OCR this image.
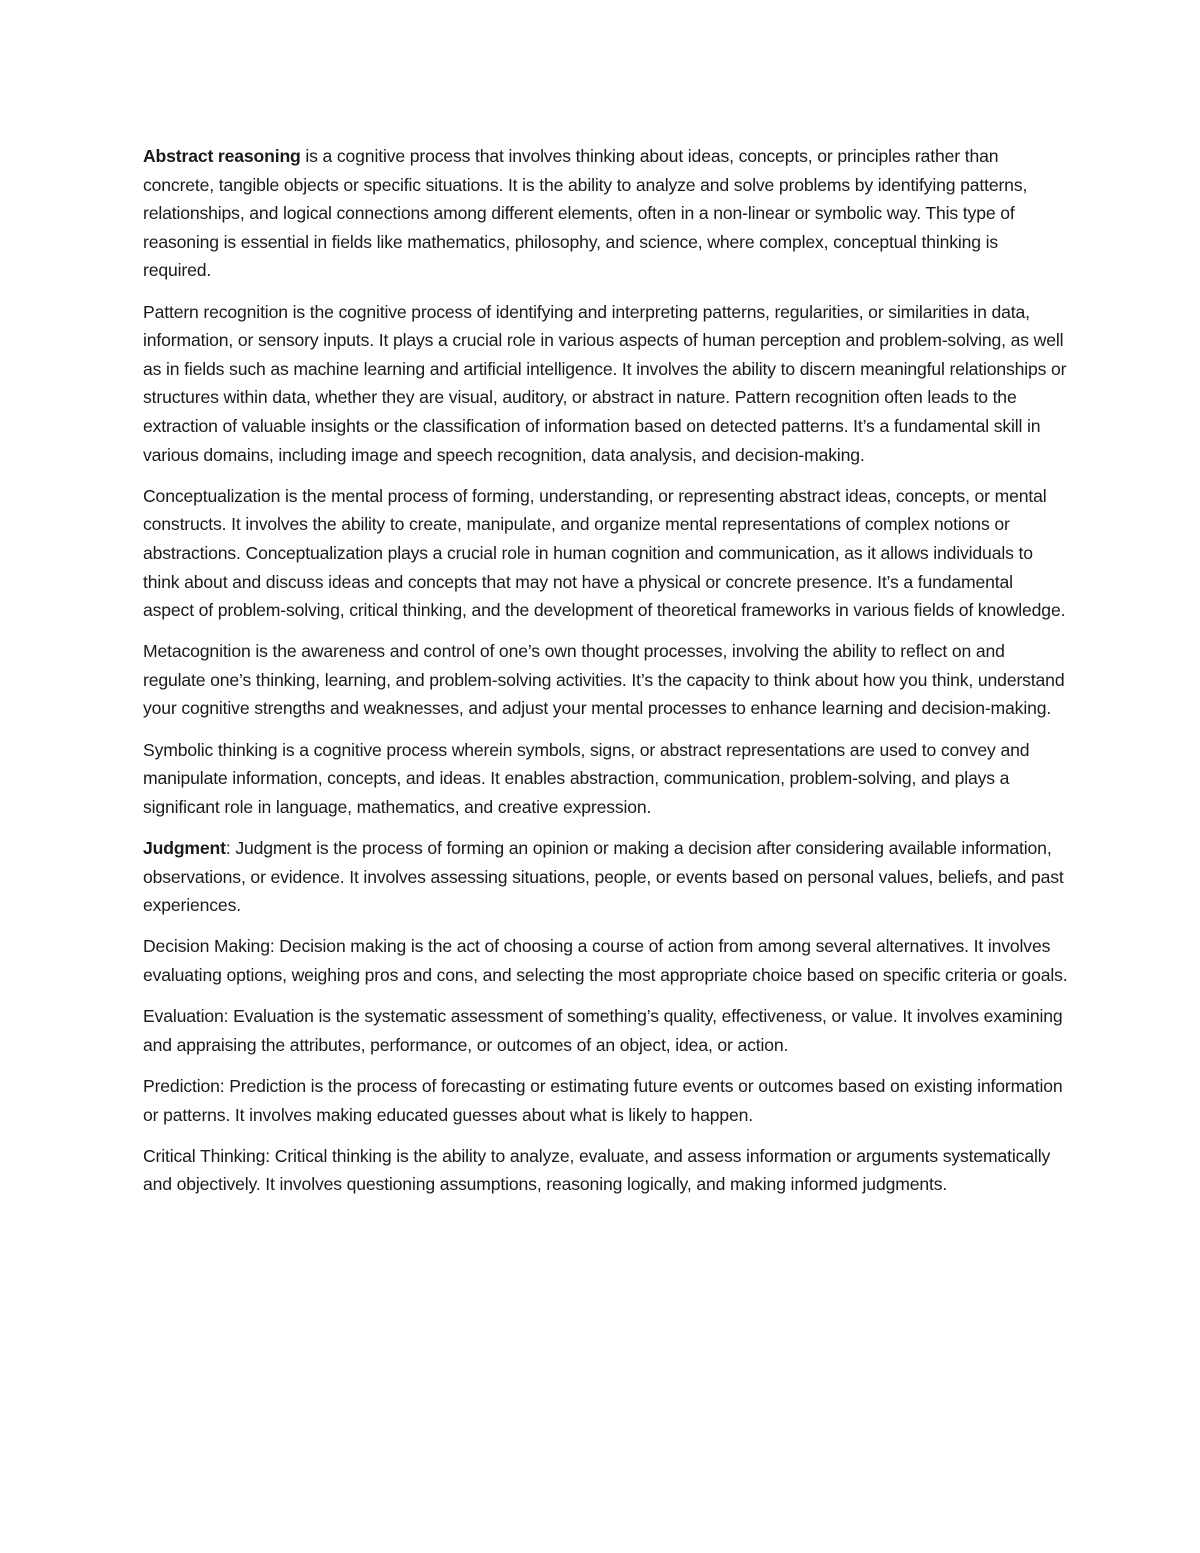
Abstract reasoning is a cognitive process that involves thinking about ideas, concepts, or principles rather than concrete, tangible objects or specific situations. It is the ability to analyze and solve problems by identifying patterns, relationships, and logical connections among different elements, often in a non-linear or symbolic way. This type of reasoning is essential in fields like mathematics, philosophy, and science, where complex, conceptual thinking is required.

Pattern recognition is the cognitive process of identifying and interpreting patterns, regularities, or similarities in data, information, or sensory inputs. It plays a crucial role in various aspects of human perception and problem-solving, as well as in fields such as machine learning and artificial intelligence. It involves the ability to discern meaningful relationships or structures within data, whether they are visual, auditory, or abstract in nature. Pattern recognition often leads to the extraction of valuable insights or the classification of information based on detected patterns. It’s a fundamental skill in various domains, including image and speech recognition, data analysis, and decision-making.

Conceptualization is the mental process of forming, understanding, or representing abstract ideas, concepts, or mental constructs. It involves the ability to create, manipulate, and organize mental representations of complex notions or abstractions. Conceptualization plays a crucial role in human cognition and communication, as it allows individuals to think about and discuss ideas and concepts that may not have a physical or concrete presence. It’s a fundamental aspect of problem-solving, critical thinking, and the development of theoretical frameworks in various fields of knowledge.

Metacognition is the awareness and control of one’s own thought processes, involving the ability to reflect on and regulate one’s thinking, learning, and problem-solving activities. It’s the capacity to think about how you think, understand your cognitive strengths and weaknesses, and adjust your mental processes to enhance learning and decision-making.

Symbolic thinking is a cognitive process wherein symbols, signs, or abstract representations are used to convey and manipulate information, concepts, and ideas. It enables abstraction, communication, problem-solving, and plays a significant role in language, mathematics, and creative expression.

Judgment: Judgment is the process of forming an opinion or making a decision after considering available information, observations, or evidence. It involves assessing situations, people, or events based on personal values, beliefs, and past experiences.

Decision Making: Decision making is the act of choosing a course of action from among several alternatives. It involves evaluating options, weighing pros and cons, and selecting the most appropriate choice based on specific criteria or goals.

Evaluation: Evaluation is the systematic assessment of something’s quality, effectiveness, or value. It involves examining and appraising the attributes, performance, or outcomes of an object, idea, or action.

Prediction: Prediction is the process of forecasting or estimating future events or outcomes based on existing information or patterns. It involves making educated guesses about what is likely to happen.

Critical Thinking: Critical thinking is the ability to analyze, evaluate, and assess information or arguments systematically and objectively. It involves questioning assumptions, reasoning logically, and making informed judgments.
